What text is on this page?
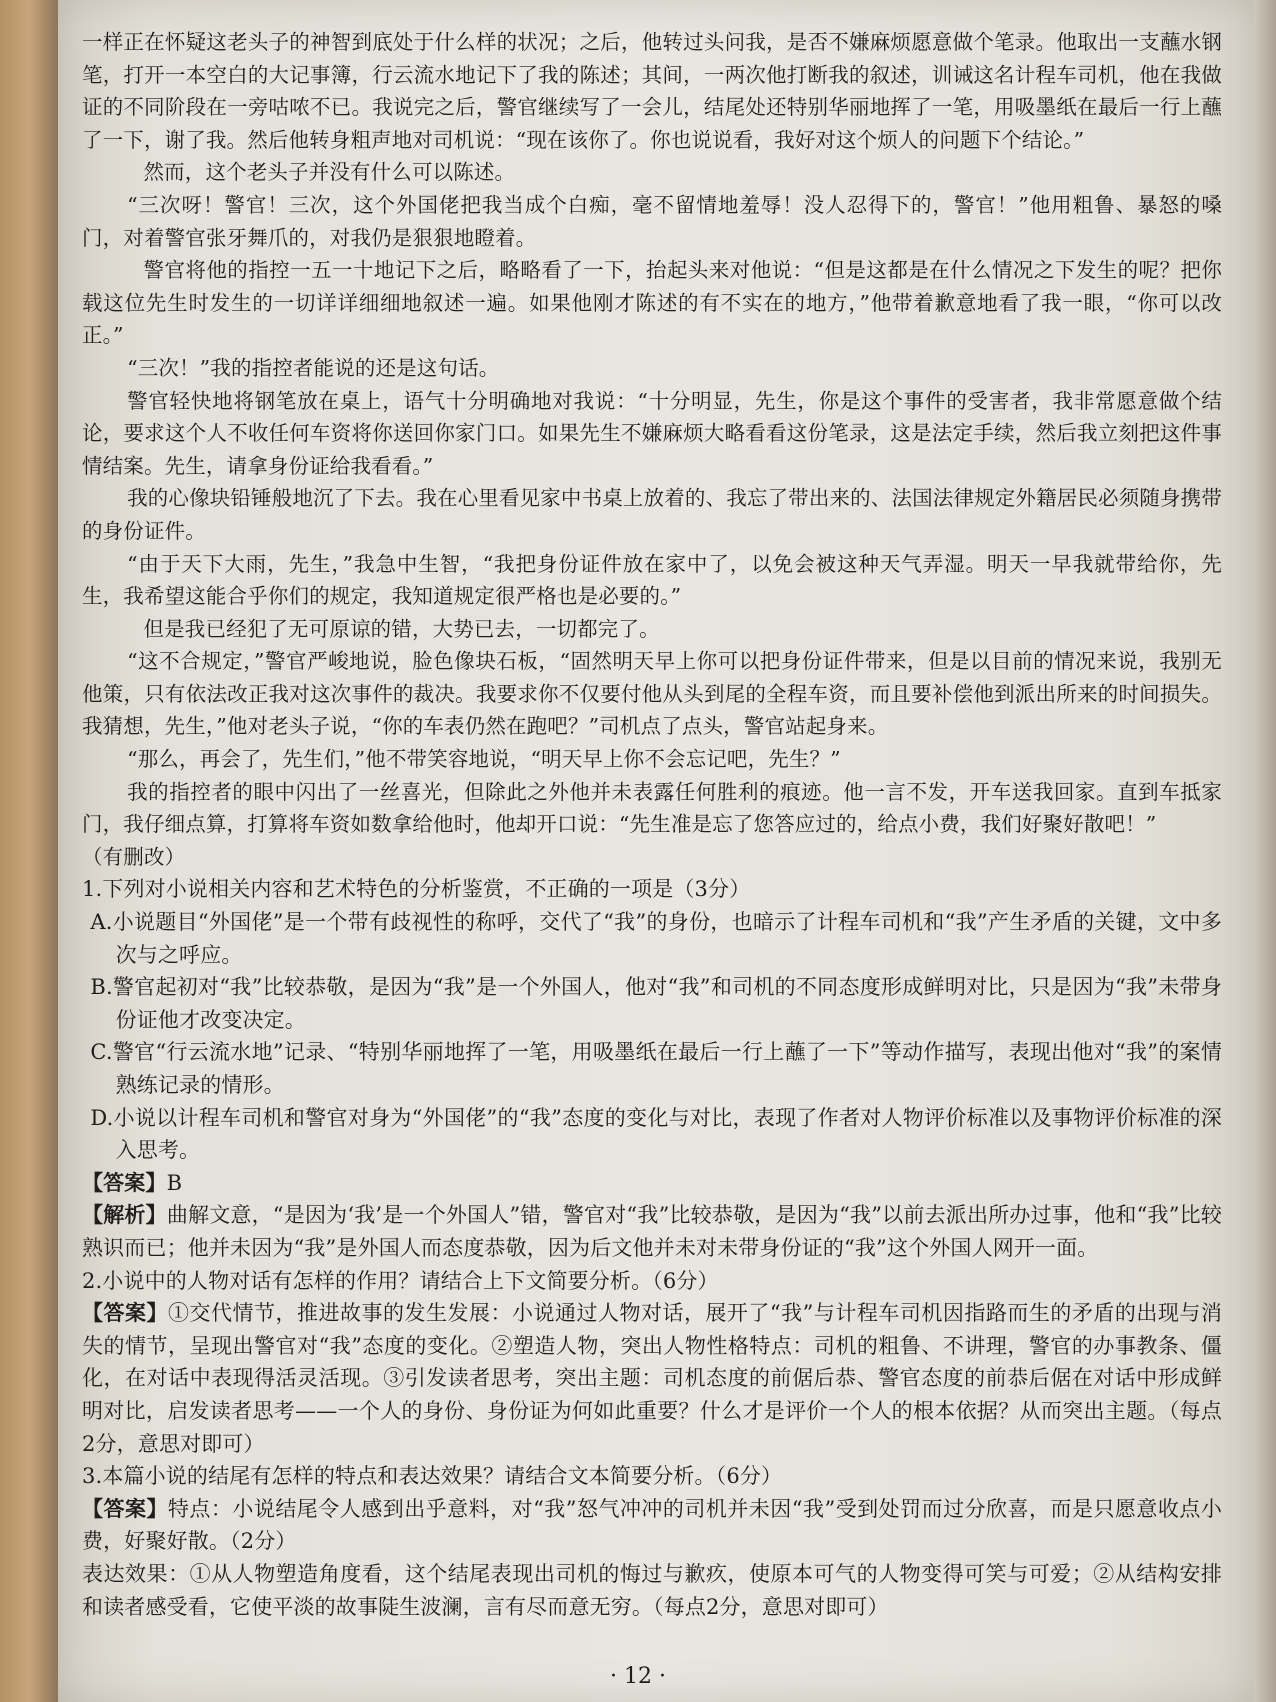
一样正在怀疑这老头子的神智到底处于什么样的状况；之后，他转过头问我，是否不嫌麻烦愿意做个笔录。他取出一支蘸水钢笔，打开一本空白的大记事簿，行云流水地记下了我的陈述；其间，一两次他打断我的叙述，训诫这名计程车司机，他在我做证的不同阶段在一旁咕哝不已。我说完之后，警官继续写了一会儿，结尾处还特别华丽地挥了一笔，用吸墨纸在最后一行上蘸了一下，谢了我。然后他转身粗声地对司机说：“现在该你了。你也说说看，我好对这个烦人的问题下个结论。”

然而，这个老头子并没有什么可以陈述。

“三次呀！警官！三次，这个外国佬把我当成个白痴，毫不留情地羞辱！没人忍得下的，警官！”他用粗鲁、暴怒的嗓门，对着警官张牙舞爪的，对我仍是狠狠地瞪着。

警官将他的指控一五一十地记下之后，略略看了一下，抬起头来对他说：“但是这都是在什么情况之下发生的呢？把你载这位先生时发生的一切详详细细地叙述一遍。如果他刚才陈述的有不实在的地方，”他带着歉意地看了我一眼，“你可以改正。”

“三次！”我的指控者能说的还是这句话。

警官轻快地将钢笔放在桌上，语气十分明确地对我说：“十分明显，先生，你是这个事件的受害者，我非常愿意做个结论，要求这个人不收任何车资将你送回你家门口。如果先生不嫌麻烦大略看看这份笔录，这是法定手续，然后我立刻把这件事情结案。先生，请拿身份证给我看看。”

我的心像块铅锤般地沉了下去。我在心里看见家中书桌上放着的、我忘了带出来的、法国法律规定外籍居民必须随身携带的身份证件。

“由于天下大雨，先生，”我急中生智，“我把身份证件放在家中了，以免会被这种天气弄湿。明天一早我就带给你，先生，我希望这能合乎你们的规定，我知道规定很严格也是必要的。”

但是我已经犯了无可原谅的错，大势已去，一切都完了。

“这不合规定，”警官严峻地说，脸色像块石板，“固然明天早上你可以把身份证件带来，但是以目前的情况来说，我别无他策，只有依法改正我对这次事件的裁决。我要求你不仅要付他从头到尾的全程车资，而且要补偿他到派出所来的时间损失。我猜想，先生，”他对老头子说，“你的车表仍然在跑吧？”司机点了点头，警官站起身来。

“那么，再会了，先生们，”他不带笑容地说，“明天早上你不会忘记吧，先生？”

我的指控者的眼中闪出了一丝喜光，但除此之外他并未表露任何胜利的痕迹。他一言不发，开车送我回家。直到车抵家门，我仔细点算，打算将车资如数拿给他时，他却开口说：“先生准是忘了您答应过的，给点小费，我们好聚好散吧！”

（有删改）

1.下列对小说相关内容和艺术特色的分析鉴赏，不正确的一项是（3分）

A.小说题目“外国佬”是一个带有歧视性的称呼，交代了“我”的身份，也暗示了计程车司机和“我”产生矛盾的关键，文中多次与之呼应。

B.警官起初对“我”比较恭敬，是因为“我”是一个外国人，他对“我”和司机的不同态度形成鲜明对比，只是因为“我”未带身份证他才改变决定。

C.警官“行云流水地”记录、“特别华丽地挥了一笔，用吸墨纸在最后一行上蘸了一下”等动作描写，表现出他对“我”的案情熟练记录的情形。

D.小说以计程车司机和警官对身为“外国佬”的“我”态度的变化与对比，表现了作者对人物评价标准以及事物评价标准的深入思考。

【答案】B

【解析】曲解文意，“是因为‘我’是一个外国人”错，警官对“我”比较恭敬，是因为“我”以前去派出所办过事，他和“我”比较熟识而已；他并未因为“我”是外国人而态度恭敬，因为后文他并未对未带身份证的“我”这个外国人网开一面。

2.小说中的人物对话有怎样的作用？请结合上下文简要分析。（6分）

【答案】①交代情节，推进故事的发生发展：小说通过人物对话，展开了“我”与计程车司机因指路而生的矛盾的出现与消失的情节，呈现出警官对“我”态度的变化。②塑造人物，突出人物性格特点：司机的粗鲁、不讲理，警官的办事教条、僵化，在对话中表现得活灵活现。③引发读者思考，突出主题：司机态度的前倨后恭、警官态度的前恭后倨在对话中形成鲜明对比，启发读者思考——一个人的身份、身份证为何如此重要？什么才是评价一个人的根本依据？从而突出主题。（每点2分，意思对即可）

3.本篇小说的结尾有怎样的特点和表达效果？请结合文本简要分析。（6分）

【答案】特点：小说结尾令人感到出乎意料，对“我”怒气冲冲的司机并未因“我”受到处罚而过分欣喜，而是只愿意收点小费，好聚好散。（2分）

表达效果：①从人物塑造角度看，这个结尾表现出司机的悔过与歉疚，使原本可气的人物变得可笑与可爱；②从结构安排和读者感受看，它使平淡的故事陡生波澜，言有尽而意无穷。（每点2分，意思对即可）

· 12 ·
